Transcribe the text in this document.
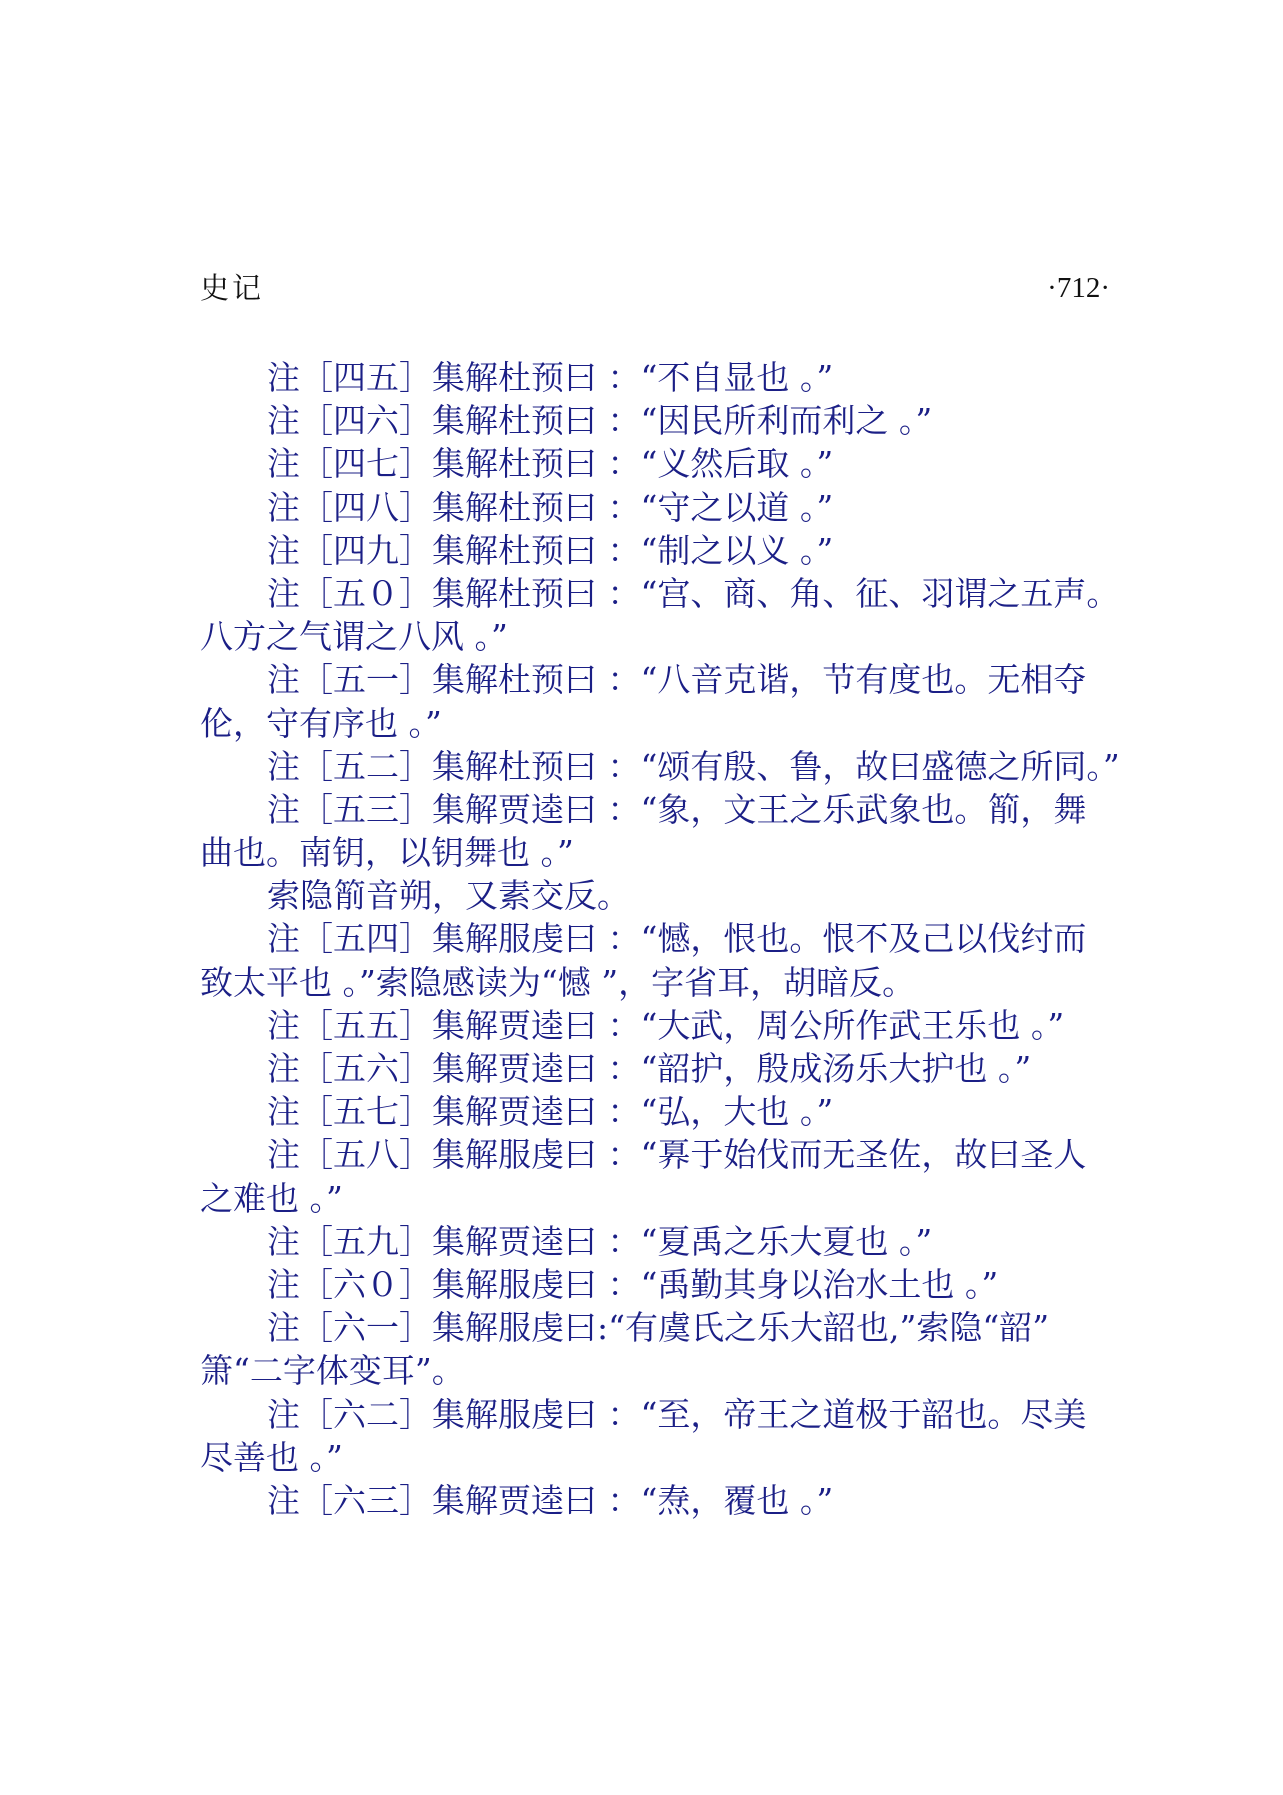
史记	·712·
注［四五］集解杜预曰 ：“不自显也 。”
注［四六］集解杜预曰 ：“因民所利而利之 。”
注［四七］集解杜预曰 ：“义然后取 。”
注［四八］集解杜预曰 ：“守之以道 。”
注［四九］集解杜预曰 ：“制之以义 。”
注［五０］集解杜预曰 ：“宫、商、角、征、羽谓之五声。
八方之气谓之八风 。”
注［五一］集解杜预曰 ：“八音克谐，节有度也。无相夺
伦，守有序也 。”
注［五二］集解杜预曰 ：“颂有殷、鲁，故曰盛德之所同。”
注［五三］集解贾逵曰 ：“象，文王之乐武象也。箾，舞
曲也。南钥，以钥舞也 。”
索隐箾音朔，又素交反。
注［五四］集解服虔曰 ：“憾，恨也。恨不及己以伐纣而
致太平也 。”索隐感读为“憾 ”，字省耳，胡暗反。
注［五五］集解贾逵曰 ：“大武，周公所作武王乐也 。”
注［五六］集解贾逵曰 ：“韶护，殷成汤乐大护也 。”
注［五七］集解贾逵曰 ：“弘，大也 。”
注［五八］集解服虔曰 ：“奡于始伐而无圣佐，故曰圣人
之难也 。”
注［五九］集解贾逵曰 ：“夏禹之乐大夏也 。”
注［六０］集解服虔曰 ：“禹勤其身以治水土也 。”
注［六一］集解服虔曰:“有虞氏之乐大韶也,”索隐“韶”
箫“二字体变耳”。
注［六二］集解服虔曰 ：“至，帝王之道极于韶也。尽美
尽善也 。”
注［六三］集解贾逵曰 ：“焘，覆也 。”
